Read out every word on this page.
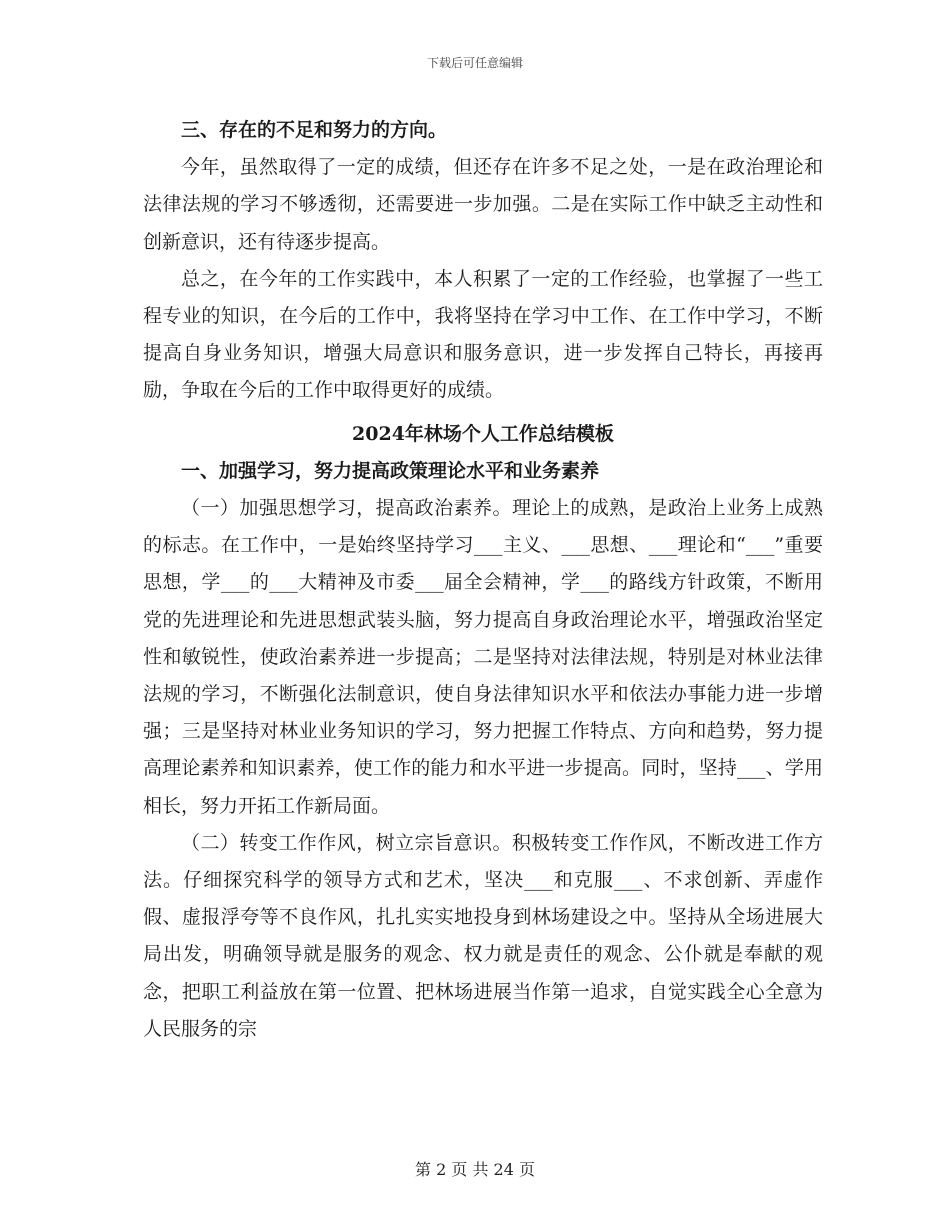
下载后可任意编辑
三、存在的不足和努力的方向。
今年，虽然取得了一定的成绩，但还存在许多不足之处，一是在政治理论和法律法规的学习不够透彻，还需要进一步加强。二是在实际工作中缺乏主动性和创新意识，还有待逐步提高。
总之，在今年的工作实践中，本人积累了一定的工作经验，也掌握了一些工程专业的知识，在今后的工作中，我将坚持在学习中工作、在工作中学习，不断提高自身业务知识，增强大局意识和服务意识，进一步发挥自己特长，再接再励，争取在今后的工作中取得更好的成绩。
2024年林场个人工作总结模板
一、加强学习，努力提高政策理论水平和业务素养
（一）加强思想学习，提高政治素养。理论上的成熟，是政治上业务上成熟的标志。在工作中，一是始终坚持学习___主义、___思想、___理论和“___”重要思想，学___的___大精神及市委___届全会精神，学___的路线方针政策，不断用党的先进理论和先进思想武装头脑，努力提高自身政治理论水平，增强政治坚定性和敏锐性，使政治素养进一步提高；二是坚持对法律法规，特别是对林业法律法规的学习，不断强化法制意识，使自身法律知识水平和依法办事能力进一步增强；三是坚持对林业业务知识的学习，努力把握工作特点、方向和趋势，努力提高理论素养和知识素养，使工作的能力和水平进一步提高。同时，坚持___、学用相长，努力开拓工作新局面。
（二）转变工作作风，树立宗旨意识。积极转变工作作风，不断改进工作方法。仔细探究科学的领导方式和艺术，坚决___和克服___、不求创新、弄虚作假、虚报浮夸等不良作风，扎扎实实地投身到林场建设之中。坚持从全场进展大局出发，明确领导就是服务的观念、权力就是责任的观念、公仆就是奉献的观念，把职工利益放在第一位置、把林场进展当作第一追求，自觉实践全心全意为人民服务的宗
第 2 页 共 24 页
